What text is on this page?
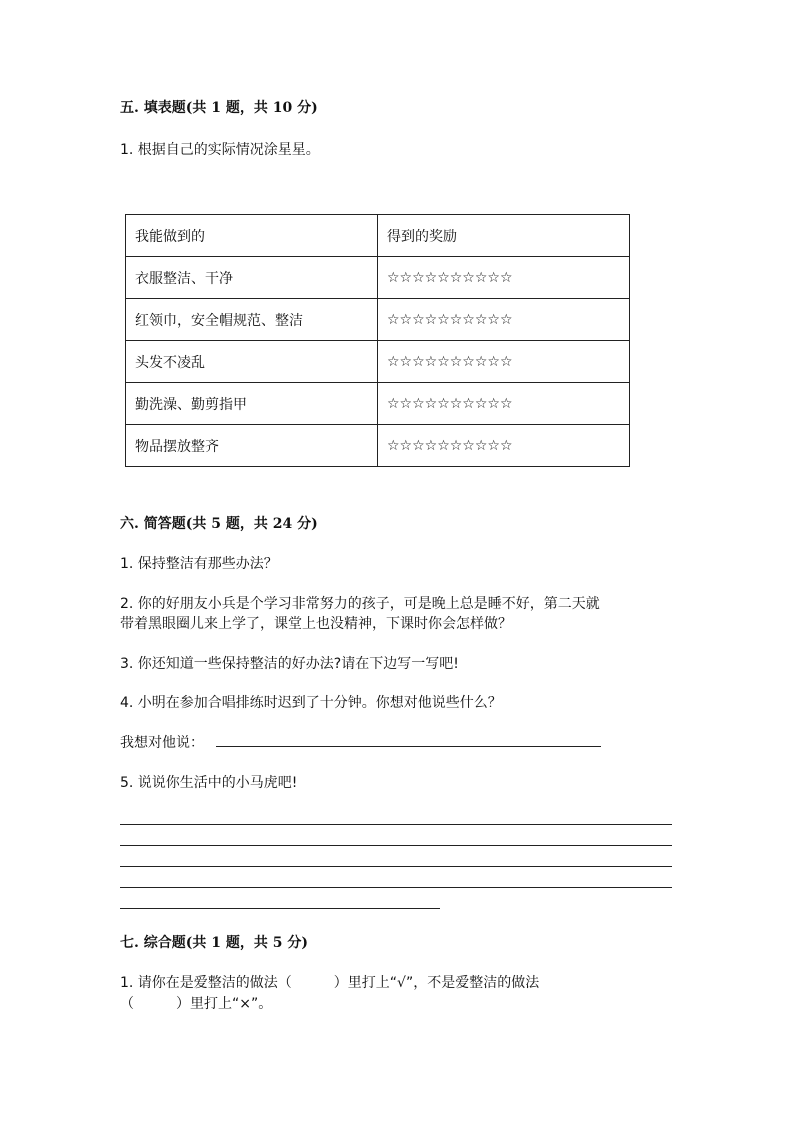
五. 填表题(共 1 题，共 10 分)
1. 根据自己的实际情况涂星星。
我能做到的	得到的奖励
衣服整洁、干净	☆☆☆☆☆☆☆☆☆☆
红领巾，安全帽规范、整洁	☆☆☆☆☆☆☆☆☆☆
头发不凌乱	☆☆☆☆☆☆☆☆☆☆
勤洗澡、勤剪指甲	☆☆☆☆☆☆☆☆☆☆
物品摆放整齐	☆☆☆☆☆☆☆☆☆☆
六. 简答题(共 5 题，共 24 分)
1. 保持整洁有那些办法？
2. 你的好朋友小兵是个学习非常努力的孩子，可是晚上总是睡不好，第二天就
带着黑眼圈儿来上学了，课堂上也没精神，下课时你会怎样做？
3. 你还知道一些保持整洁的好办法?请在下边写一写吧!
4. 小明在参加合唱排练时迟到了十分钟。你想对他说些什么？
我想对他说：
5. 说说你生活中的小马虎吧!
七. 综合题(共 1 题，共 5 分)
1. 请你在是爱整洁的做法（　　　）里打上“√”，不是爱整洁的做法
（　　　）里打上“×”。
